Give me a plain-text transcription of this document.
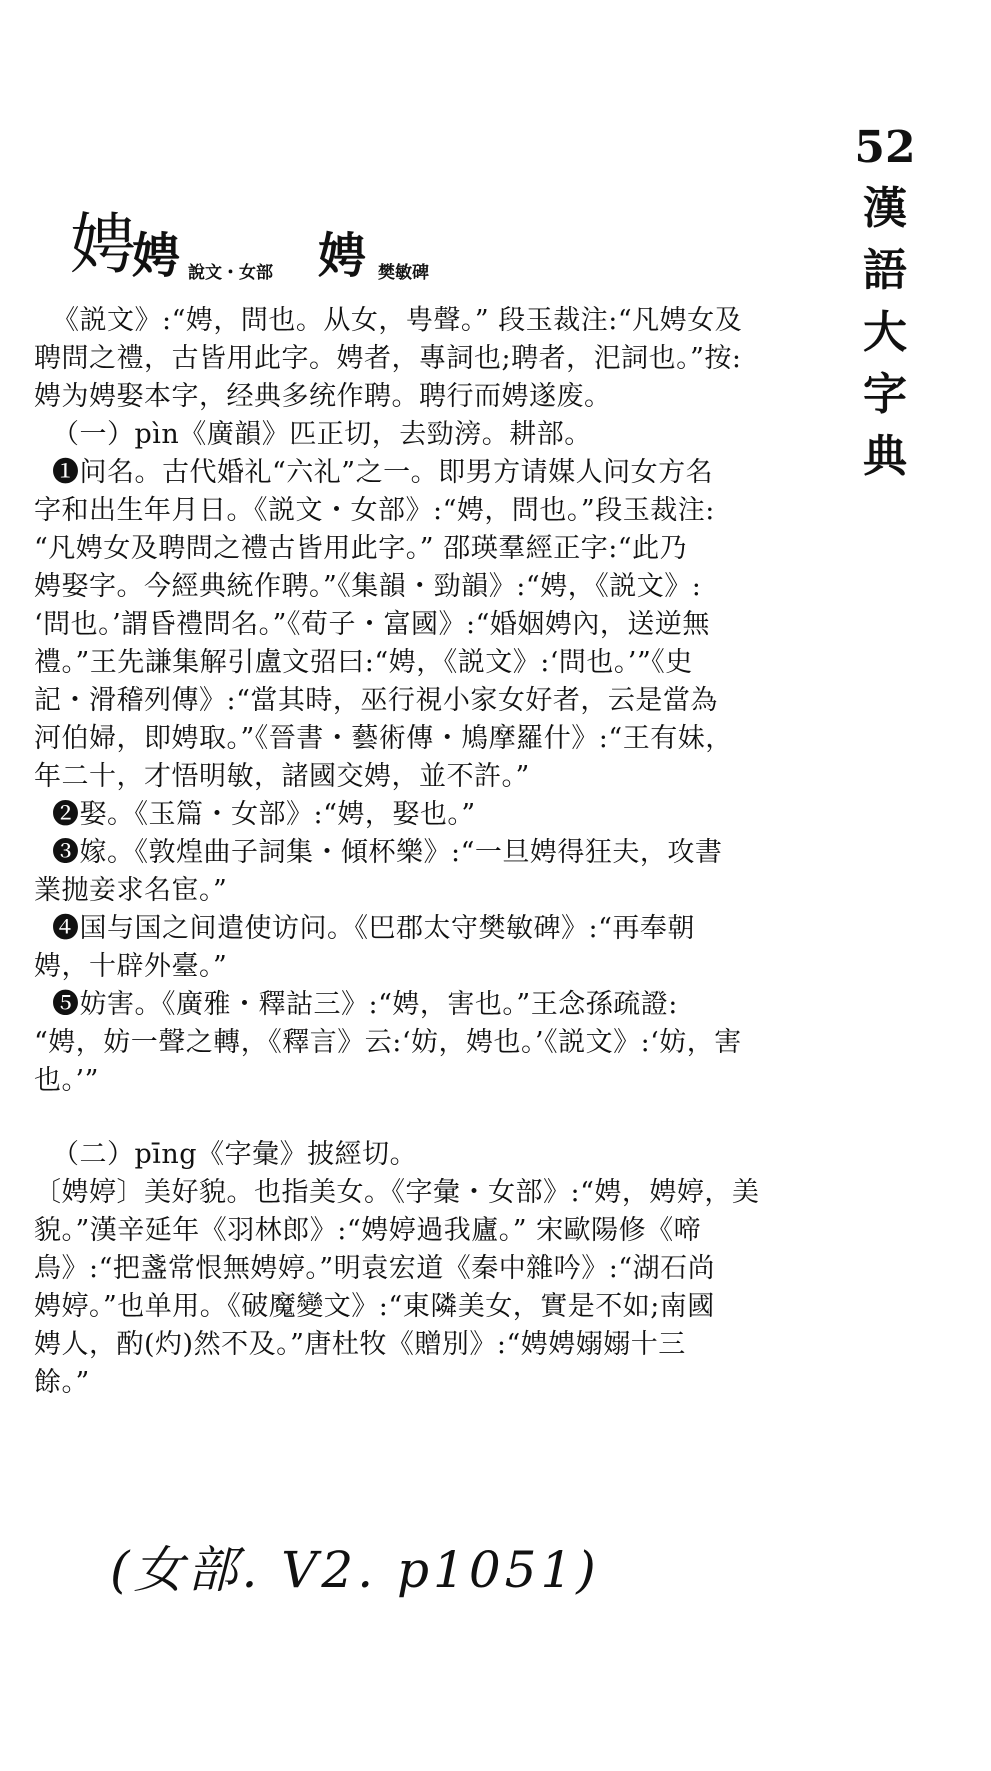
52
漢
語
大
字
典
娉
娉 說文・女部 娉 樊敏碑
《説文》:“娉，問也。从女，甹聲。” 段玉裁注:“凡娉女及
聘問之禮，古皆用此字。娉者，專詞也;聘者，汜詞也。”按:
娉为娉娶本字，经典多统作聘。聘行而娉遂废。
（一）pìn《廣韻》匹正切，去勁滂。耕部。
❶问名。古代婚礼“六礼”之一。即男方请媒人问女方名
字和出生年月日。《説文・女部》:“娉，問也。”段玉裁注:
“凡娉女及聘問之禮古皆用此字。” 邵瑛羣經正字:“此乃
娉娶字。今經典統作聘。”《集韻・勁韻》:“娉，《説文》:
‘問也。’謂昏禮問名。”《荀子・富國》:“婚姻娉內，送逆無
禮。”王先謙集解引盧文弨曰:“娉，《説文》:‘問也。’”《史
記・滑稽列傳》:“當其時，巫行視小家女好者，云是當為
河伯婦，即娉取。”《晉書・藝術傳・鳩摩羅什》:“王有妹，
年二十，才悟明敏，諸國交娉，並不許。”
❷娶。《玉篇・女部》:“娉，娶也。”
❸嫁。《敦煌曲子詞集・傾杯樂》:“一旦娉得狂夫，攻書
業抛妾求名宦。”
❹国与国之间遣使访问。《巴郡太守樊敏碑》:“再奉朝
娉，十辟外臺。”
❺妨害。《廣雅・釋詁三》:“娉，害也。”王念孫疏證:
“娉，妨一聲之轉，《釋言》云:‘妨，娉也。’《説文》:‘妨，害
也。’”
（二）pīng《字彙》披經切。
〔娉婷〕美好貌。也指美女。《字彙・女部》:“娉，娉婷，美
貌。”漢辛延年《羽林郎》:“娉婷過我廬。” 宋歐陽修《啼
鳥》:“把盞常恨無娉婷。”明袁宏道《秦中雜吟》:“湖石尚
娉婷。”也单用。《破魔變文》:“東隣美女，實是不如;南國
娉人，酌(灼)然不及。”唐杜牧《贈別》:“娉娉嫋嫋十三
餘。”
(女部. V2. p1051)
